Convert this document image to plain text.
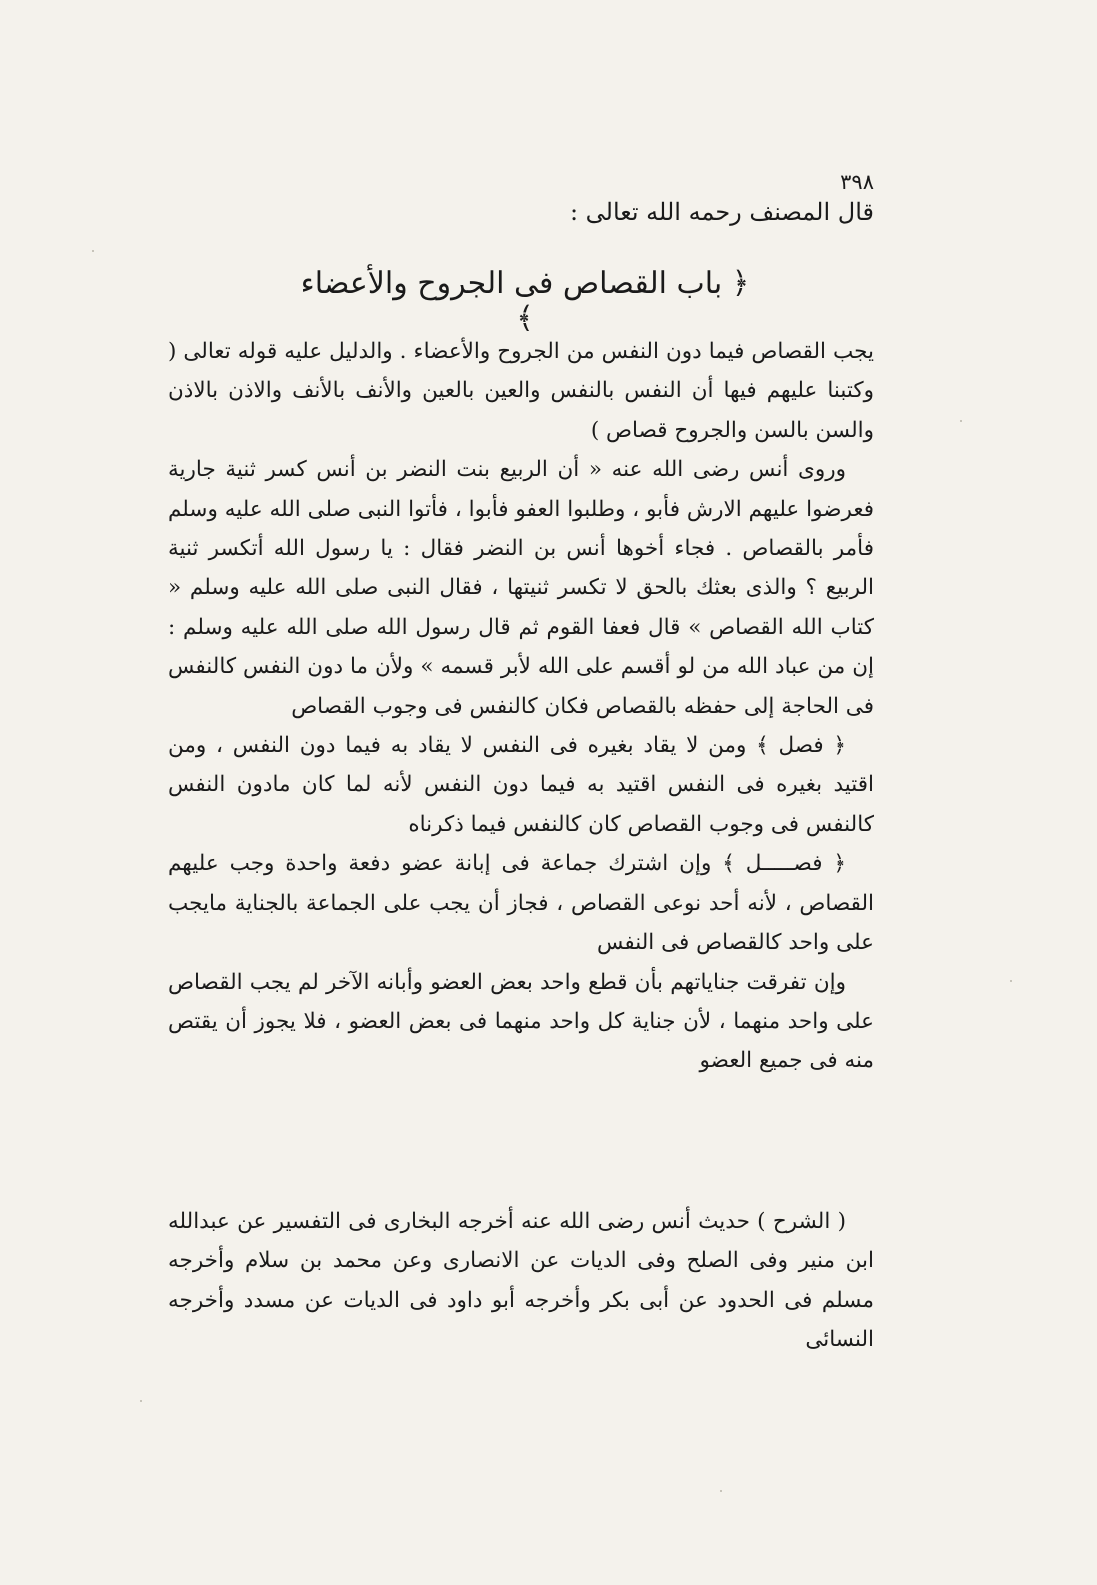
٣٩٨
قال المصنف رحمه الله تعالى :
﴿ باب القصاص فى الجروح والأعضاء ﴾

يجب القصاص فيما دون النفس من الجروح والأعضاء . والدليل عليه قوله تعالى ( وكتبنا عليهم فيها أن النفس بالنفس والعين بالعين والأنف بالأنف والاذن بالاذن والسن بالسن والجروح قصاص )

وروى أنس رضى الله عنه « أن الربيع بنت النضر بن أنس كسر ثنية جارية فعرضوا عليهم الارش فأبو ، وطلبوا العفو فأبوا ، فأتوا النبى صلى الله عليه وسلم فأمر بالقصاص . فجاء أخوها أنس بن النضر فقال : يا رسول الله أتكسر ثنية الربيع ؟ والذى بعثك بالحق لا تكسر ثنيتها ، فقال النبى صلى الله عليه وسلم « كتاب الله القصاص » قال فعفا القوم ثم قال رسول الله صلى الله عليه وسلم : إن من عباد الله من لو أقسم على الله لأبر قسمه » ولأن ما دون النفس كالنفس فى الحاجة إلى حفظه بالقصاص فكان كالنفس فى وجوب القصاص

﴿ فصل ﴾ ومن لا يقاد بغيره فى النفس لا يقاد به فيما دون النفس ، ومن اقتيد بغيره فى النفس اقتيد به فيما دون النفس لأنه لما كان مادون النفس كالنفس فى وجوب القصاص كان كالنفس فيما ذكرناه

﴿ فصـــــل ﴾ وإن اشترك جماعة فى إبانة عضو دفعة واحدة وجب عليهم القصاص ، لأنه أحد نوعى القصاص ، فجاز أن يجب على الجماعة بالجناية مايجب على واحد كالقصاص فى النفس

وإن تفرقت جناياتهم بأن قطع واحد بعض العضو وأبانه الآخر لم يجب القصاص على واحد منهما ، لأن جناية كل واحد منهما فى بعض العضو ، فلا يجوز أن يقتص منه فى جميع العضو

( الشرح ) حديث أنس رضى الله عنه أخرجه البخارى فى التفسير عن عبدالله ابن منير وفى الصلح وفى الديات عن الانصارى وعن محمد بن سلام وأخرجه مسلم فى الحدود عن أبى بكر وأخرجه أبو داود فى الديات عن مسدد وأخرجه النسائى
